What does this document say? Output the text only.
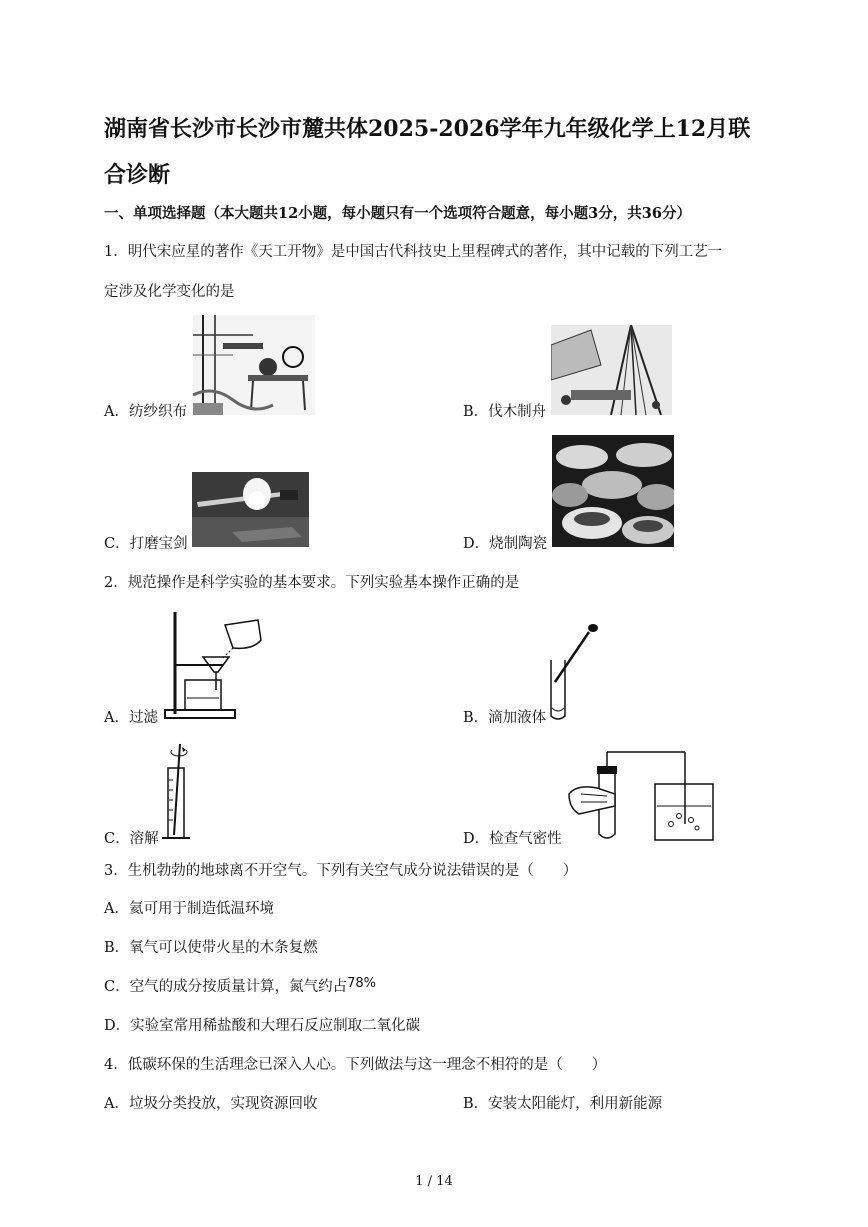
湖南省长沙市长沙市麓共体2025-2026学年九年级化学上12月联合诊断
一、单项选择题（本大题共12小题，每小题只有一个选项符合题意，每小题3分，共36分）
1．明代宋应星的著作《天工开物》是中国古代科技史上里程碑式的著作，其中记载的下列工艺一
定涉及化学变化的是
A．纺纱织布	B．伐木制舟
C．打磨宝剑	D．烧制陶瓷
2．规范操作是科学实验的基本要求。下列实验基本操作正确的是
A．过滤	B．滴加液体
C．溶解	D．检查气密性
3．生机勃勃的地球离不开空气。下列有关空气成分说法错误的是（　　）
A．氦可用于制造低温环境
B．氧气可以使带火星的木条复燃
C．空气的成分按质量计算，氮气约占78%
D．实验室常用稀盐酸和大理石反应制取二氧化碳
4．低碳环保的生活理念已深入人心。下列做法与这一理念不相符的是（　　）
A．垃圾分类投放，实现资源回收	B．安装太阳能灯，利用新能源
1 / 14
